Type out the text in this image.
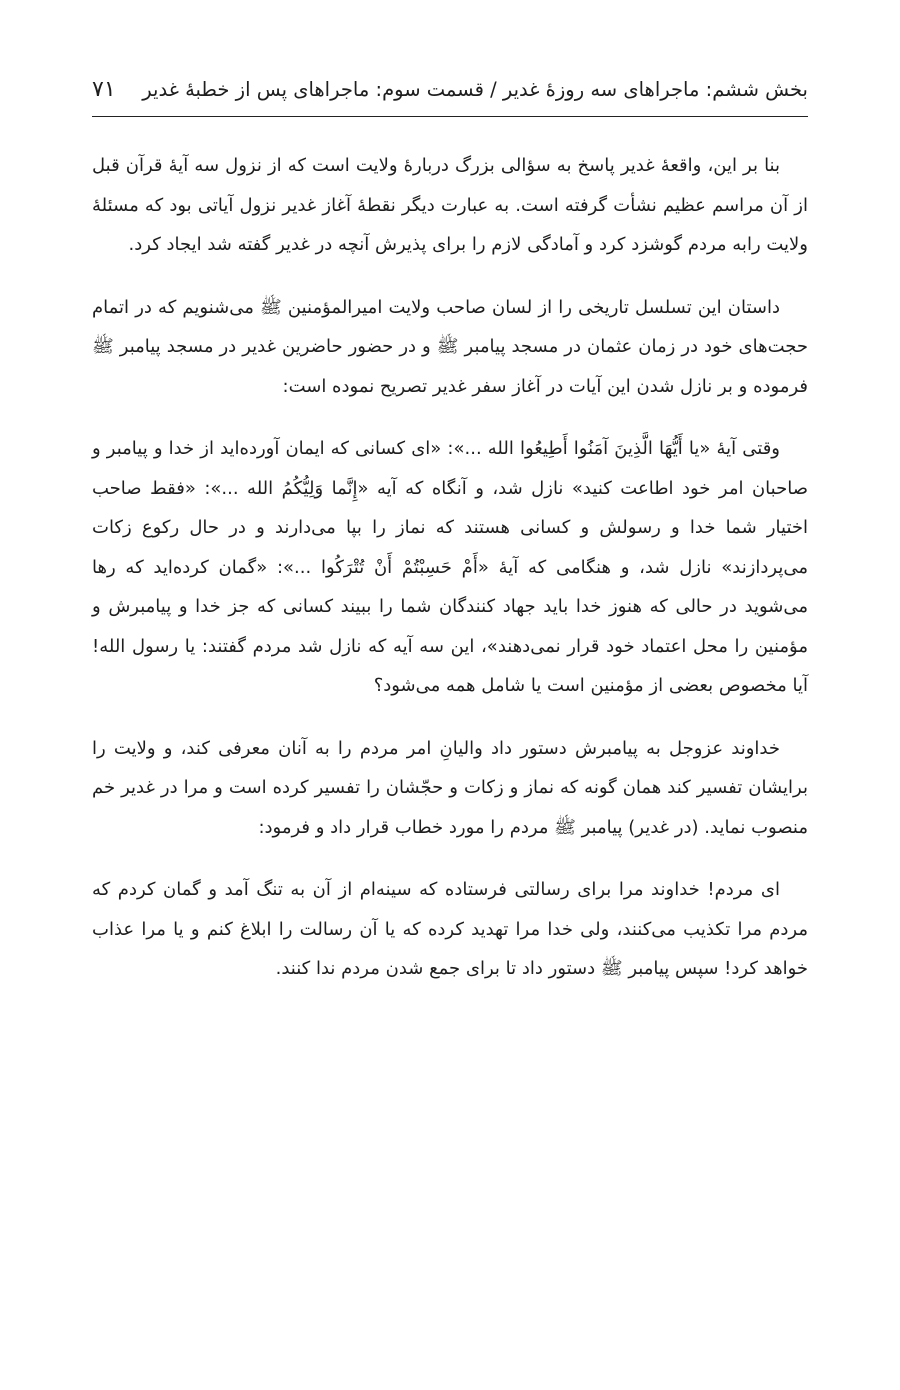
بخش ششم: ماجراهای سه روزهٔ غدیر / قسمت سوم: ماجراهای پس از خطبهٔ غدیر
٧١

بنا بر این، واقعهٔ غدیر پاسخ به سؤالی بزرگ دربارهٔ ولایت است که از نزول سه آیهٔ قرآن قبل از آن مراسم عظیم نشأت گرفته است. به عبارت دیگر نقطهٔ آغاز غدیر نزول آیاتی بود که مسئلهٔ ولایت رابه مردم گوشزد کرد و آمادگی لازم را برای پذیرش آنچه در غدیر گفته شد ایجاد کرد.

داستان این تسلسل تاریخی را از لسان صاحب ولایت امیرالمؤمنین ﷺ می‌شنویم که در اتمام حجت‌های خود در زمان عثمان در مسجد پیامبر ﷺ و در حضور حاضرین غدیر در مسجد پیامبر ﷺ فرموده و بر نازل شدن این آیات در آغاز سفر غدیر تصریح نموده است:

وقتی آیهٔ «یا أَیُّهَا الَّذِینَ آمَنُوا أَطِیعُوا الله ...»: «ای کسانی که ایمان آورده‌اید از خدا و پیامبر و صاحبان امر خود اطاعت کنید» نازل شد، و آنگاه که آیه «إِنَّما وَلِیُّکُمُ الله ...»: «فقط صاحب اختیار شما خدا و رسولش و کسانی هستند که نماز را بپا می‌دارند و در حال رکوع زکات می‌پردازند» نازل شد، و هنگامی که آیهٔ «أَمْ حَسِبْتُمْ أَنْ تُتْرَکُوا ...»: «گمان کرده‌اید که رها می‌شوید در حالی که هنوز خدا باید جهاد کنندگان شما را ببیند کسانی که جز خدا و پیامبرش و مؤمنین را محل اعتماد خود قرار نمی‌دهند»، این سه آیه که نازل شد مردم گفتند: یا رسول الله! آیا مخصوص بعضی از مؤمنین است یا شامل همه می‌شود؟

خداوند عزوجل به پیامبرش دستور داد والیانِ امر مردم را به آنان معرفی کند، و ولایت را برایشان تفسیر کند همان گونه که نماز و زکات و حجّشان را تفسیر کرده است و مرا در غدیر خم منصوب نماید. (در غدیر) پیامبر ﷺ مردم را مورد خطاب قرار داد و فرمود:

ای مردم! خداوند مرا برای رسالتی فرستاده که سینه‌ام از آن به تنگ آمد و گمان کردم که مردم مرا تکذیب می‌کنند، ولی خدا مرا تهدید کرده که یا آن رسالت را ابلاغ کنم و یا مرا عذاب خواهد کرد! سپس پیامبر ﷺ دستور داد تا برای جمع شدن مردم ندا کنند.
